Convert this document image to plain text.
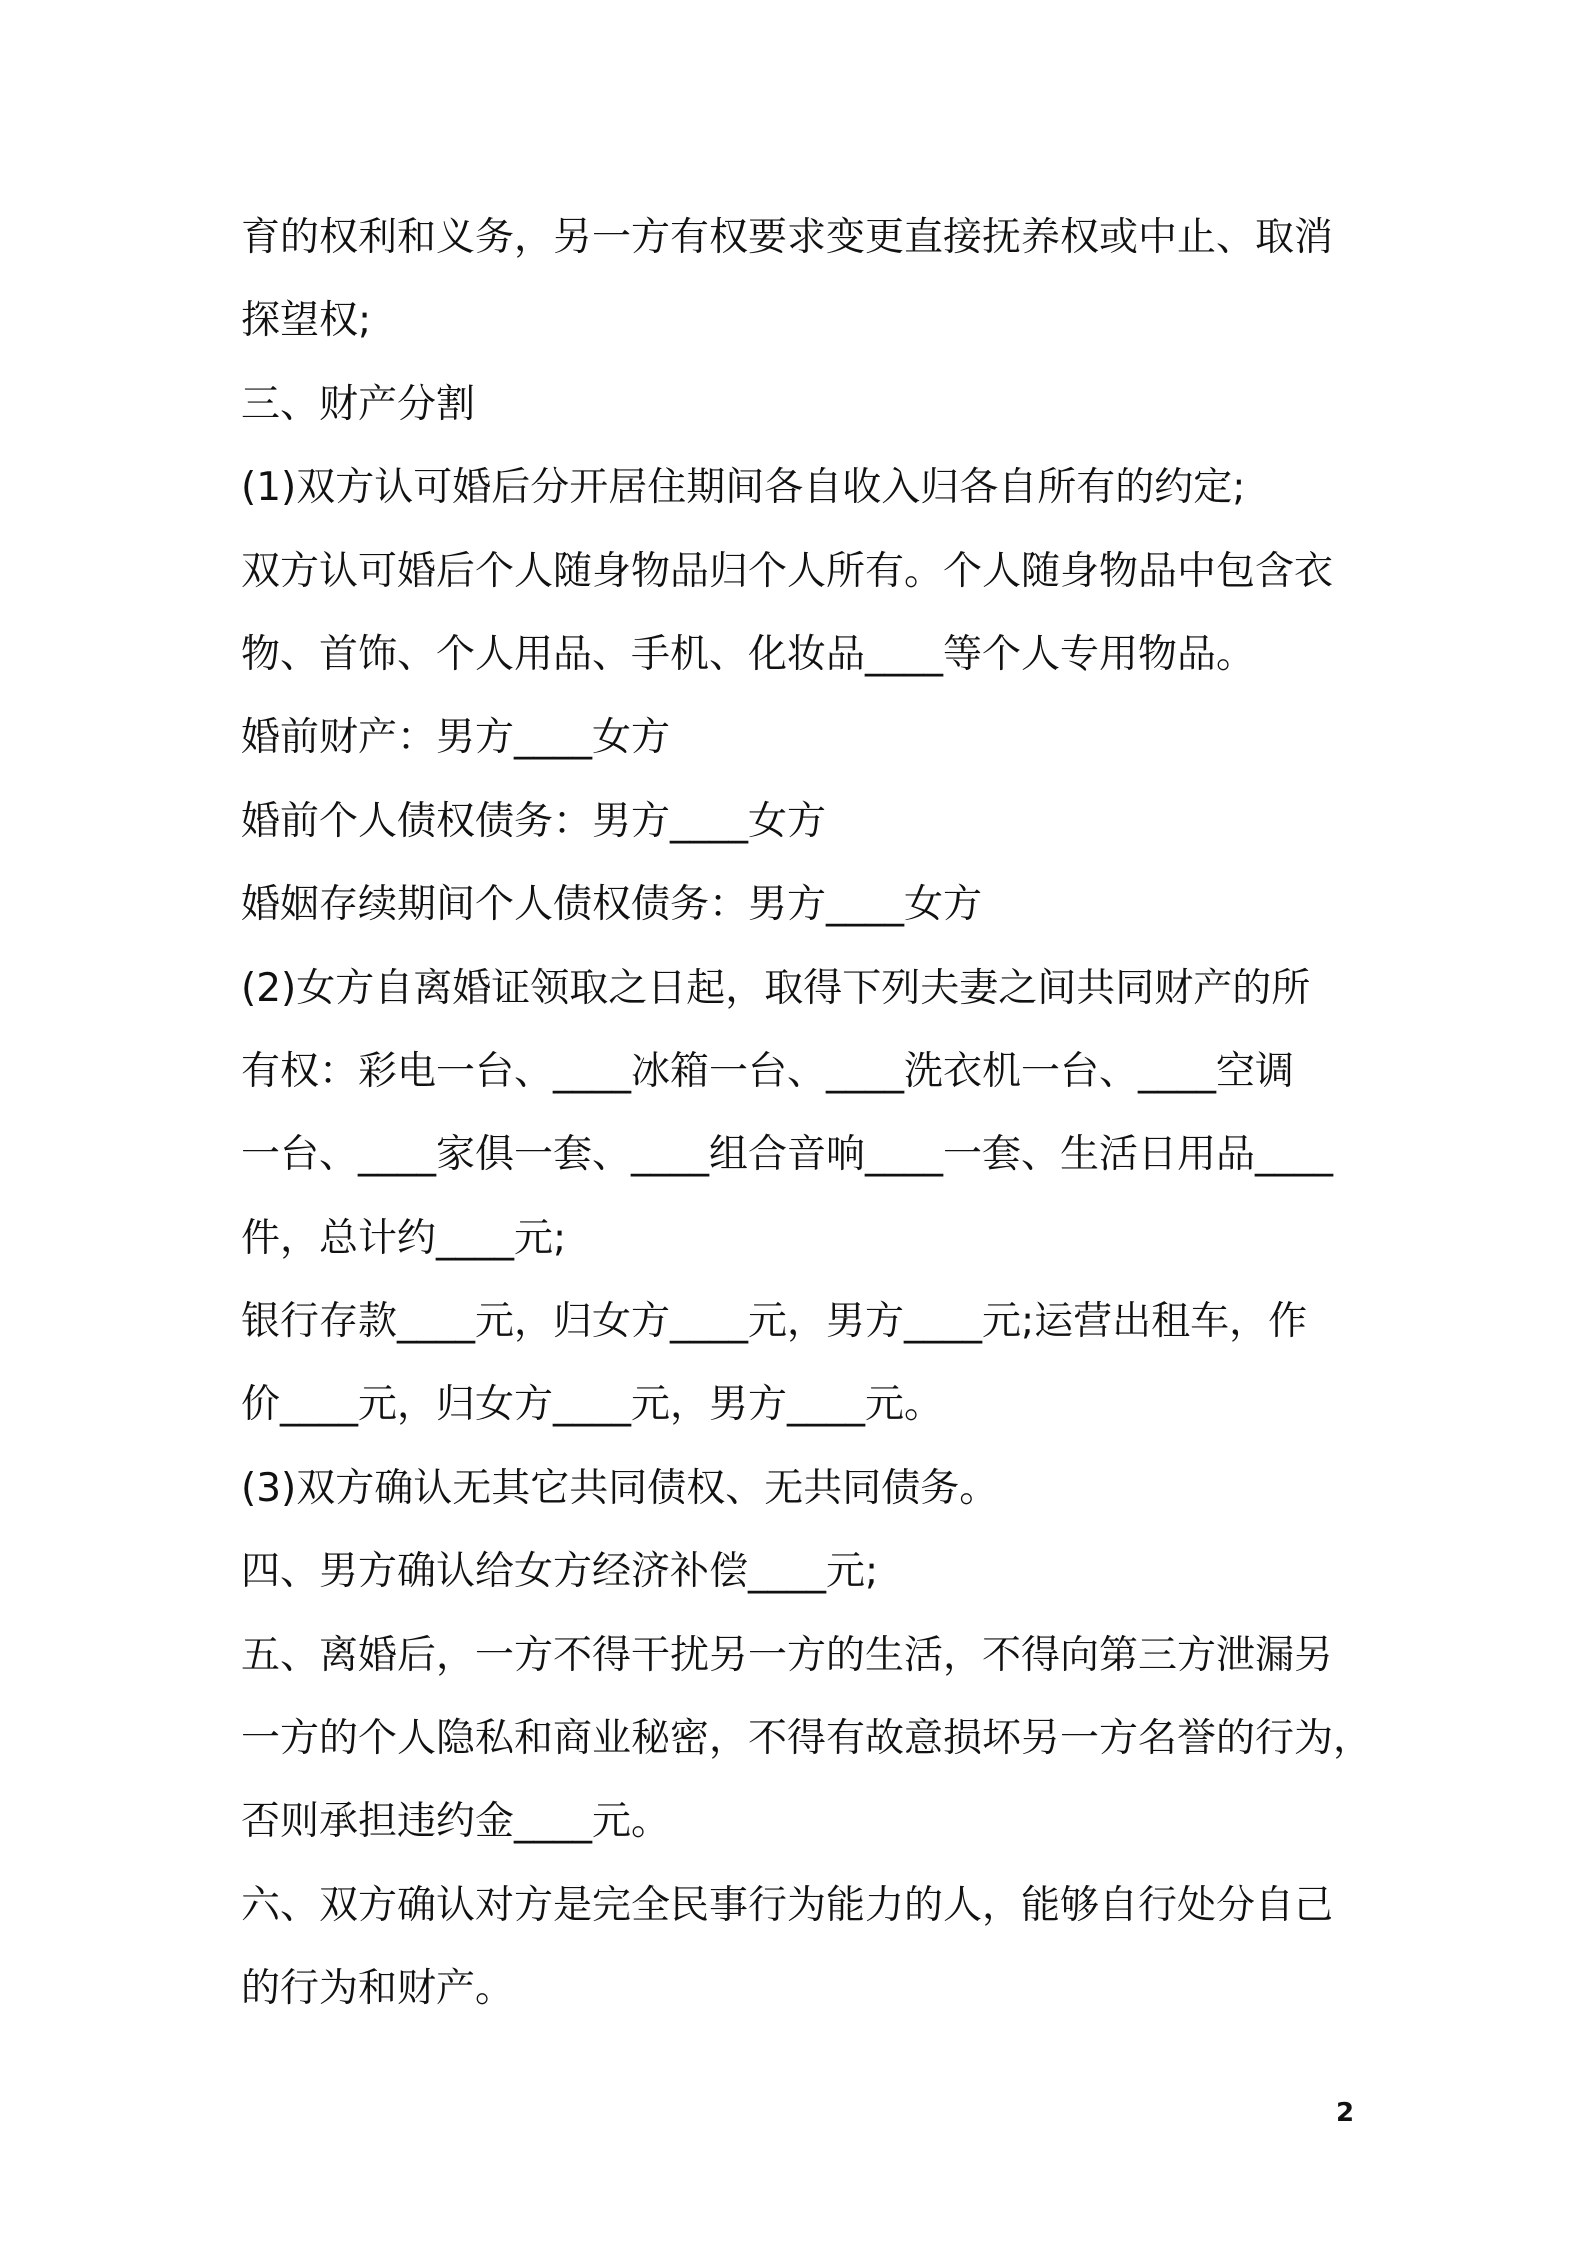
育的权利和义务，另一方有权要求变更直接抚养权或中止、取消
探望权;
三、财产分割
(1)双方认可婚后分开居住期间各自收入归各自所有的约定;
双方认可婚后个人随身物品归个人所有。个人随身物品中包含衣
物、首饰、个人用品、手机、化妆品____等个人专用物品。
婚前财产：男方____女方
婚前个人债权债务：男方____女方
婚姻存续期间个人债权债务：男方____女方
(2)女方自离婚证领取之日起，取得下列夫妻之间共同财产的所
有权：彩电一台、____冰箱一台、____洗衣机一台、____空调
一台、____家俱一套、____组合音响____一套、生活日用品____
件，总计约____元;
银行存款____元，归女方____元，男方____元;运营出租车，作
价____元，归女方____元，男方____元。
(3)双方确认无其它共同债权、无共同债务。
四、男方确认给女方经济补偿____元;
五、离婚后，一方不得干扰另一方的生活，不得向第三方泄漏另
一方的个人隐私和商业秘密，不得有故意损坏另一方名誉的行为，
否则承担违约金____元。
六、双方确认对方是完全民事行为能力的人，能够自行处分自己
的行为和财产。
2
